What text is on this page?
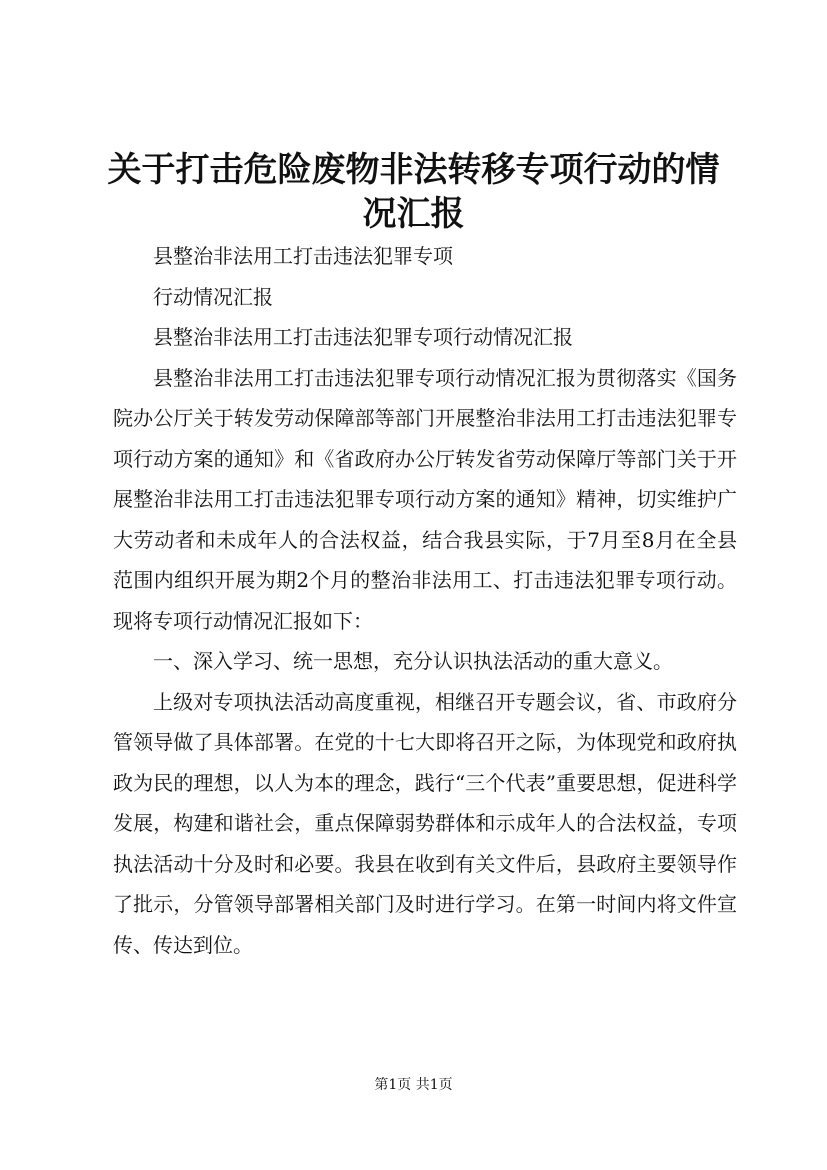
关于打击危险废物非法转移专项行动的情况汇报

县整治非法用工打击违法犯罪专项

行动情况汇报

县整治非法用工打击违法犯罪专项行动情况汇报

县整治非法用工打击违法犯罪专项行动情况汇报为贯彻落实《国务院办公厅关于转发劳动保障部等部门开展整治非法用工打击违法犯罪专项行动方案的通知》和《省政府办公厅转发省劳动保障厅等部门关于开展整治非法用工打击违法犯罪专项行动方案的通知》精神，切实维护广大劳动者和未成年人的合法权益，结合我县实际，于7月至8月在全县范围内组织开展为期2个月的整治非法用工、打击违法犯罪专项行动。现将专项行动情况汇报如下：

一、深入学习、统一思想，充分认识执法活动的重大意义。

上级对专项执法活动高度重视，相继召开专题会议，省、市政府分管领导做了具体部署。在党的十七大即将召开之际，为体现党和政府执政为民的理想，以人为本的理念，践行“三个代表”重要思想，促进科学发展，构建和谐社会，重点保障弱势群体和示成年人的合法权益，专项执法活动十分及时和必要。我县在收到有关文件后，县政府主要领导作了批示，分管领导部署相关部门及时进行学习。在第一时间内将文件宣传、传达到位。

第1页 共1页
